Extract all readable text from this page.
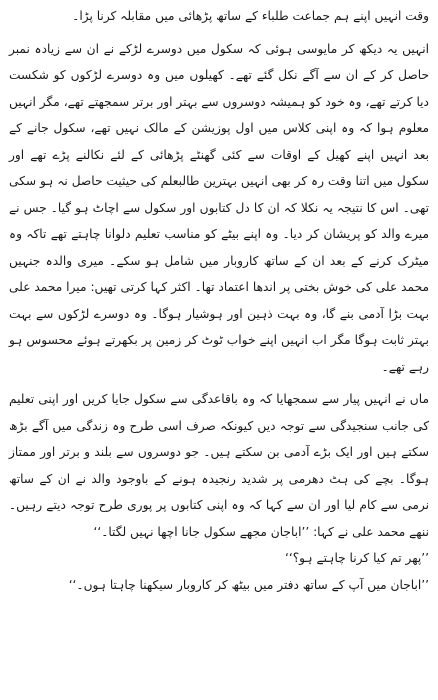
وقت انہیں اپنے ہم جماعت طلباء کے ساتھ پڑھائی میں مقابلہ کرنا پڑا۔

انہیں یہ دیکھ کر مایوسی ہوئی کہ سکول میں دوسرے لڑکے نے ان سے زیادہ نمبر حاصل کر کے ان سے آگے نکل گئے تھے۔ کھیلوں میں وہ دوسرے لڑکوں کو شکست دیا کرتے تھے، وہ خود کو ہمیشہ دوسروں سے بہتر اور برتر سمجھتے تھے، مگر انہیں معلوم ہوا کہ وہ اپنی کلاس میں اول پوزیشن کے مالک نہیں تھے، سکول جانے کے بعد انہیں اپنے کھیل کے اوقات سے کئی گھنٹے پڑھائی کے لئے نکالنے پڑے تھے اور سکول میں اتنا وقت رہ کر بھی انہیں بہترین طالبعلم کی حیثیت حاصل نہ ہو سکی تھی۔ اس کا نتیجہ یہ نکلا کہ ان کا دل کتابوں اور سکول سے اچاٹ ہو گیا۔ جس نے میرے والد کو پریشان کر دیا۔ وہ اپنے بیٹے کو مناسب تعلیم دلوانا چاہتے تھے تاکہ وہ میٹرک کرنے کے بعد ان کے ساتھ کاروبار میں شامل ہو سکے۔ میری والدہ جنہیں محمد علی کی خوش بختی پر اندھا اعتماد تھا۔ اکثر کہا کرتی تھیں: میرا محمد علی بہت بڑا آدمی بنے گا، وہ بہت ذہین اور ہوشیار ہوگا۔ وہ دوسرے لڑکوں سے بہت بہتر ثابت ہوگا مگر اب انہیں اپنے خواب ٹوٹ کر زمین پر بکھرتے ہوئے محسوس ہو رہے تھے۔

ماں نے انہیں پیار سے سمجھایا کہ وہ باقاعدگی سے سکول جایا کریں اور اپنی تعلیم کی جانب سنجیدگی سے توجہ دیں کیونکہ صرف اسی طرح وہ زندگی میں آگے بڑھ سکتے ہیں اور ایک بڑے آدمی بن سکتے ہیں۔ جو دوسروں سے بلند و برتر اور ممتاز ہوگا۔ بچے کی ہٹ دھرمی پر شدید رنجیدہ ہونے کے باوجود والد نے ان کے ساتھ نرمی سے کام لیا اور ان سے کہا کہ وہ اپنی کتابوں پر پوری طرح توجہ دیتے رہیں۔ ننھے محمد علی نے کہا: ’’اباجان مجھے سکول جانا اچھا نہیں لگتا۔‘‘

’’پھر تم کیا کرنا چاہتے ہو؟‘‘

’’اباجان میں آپ کے ساتھ دفتر میں بیٹھ کر کاروبار سیکھنا چاہتا ہوں۔‘‘
